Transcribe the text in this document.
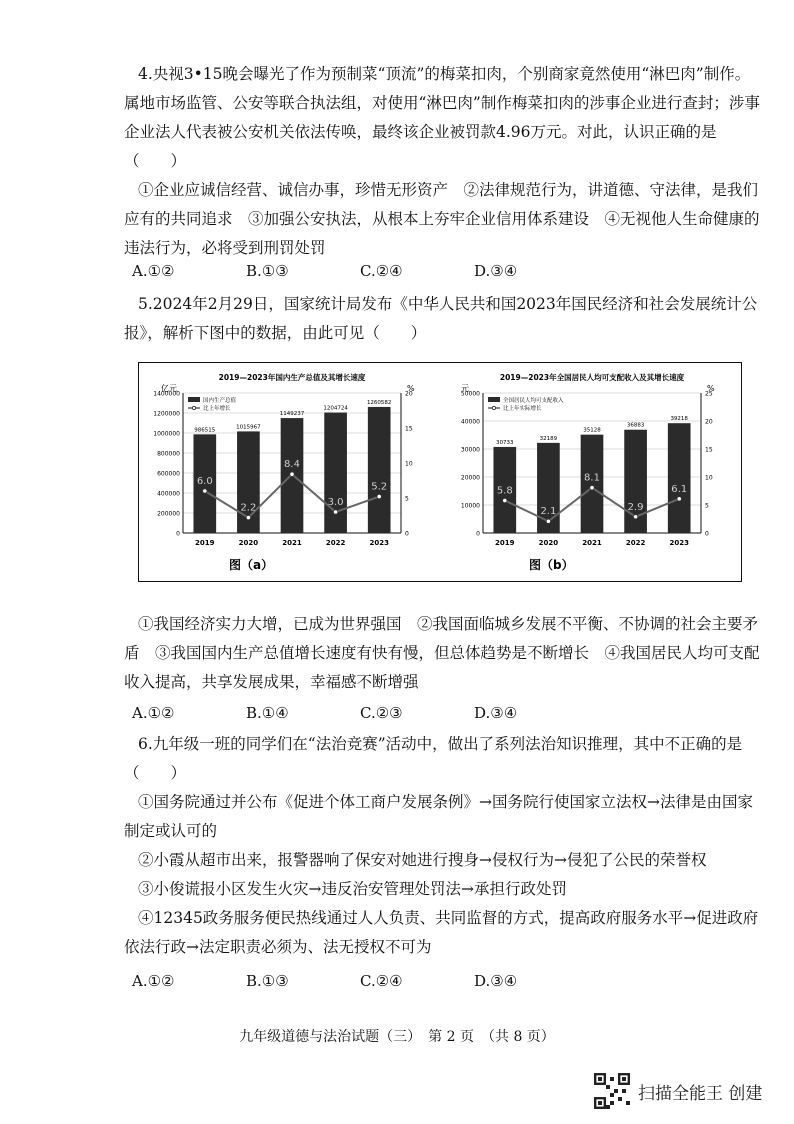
4.央视3•15晚会曝光了作为预制菜“顶流”的梅菜扣肉，个别商家竟然使用“淋巴肉”制作。属地市场监管、公安等联合执法组，对使用“淋巴肉”制作梅菜扣肉的涉事企业进行查封；涉事企业法人代表被公安机关依法传唤，最终该企业被罚款4.96万元。对此，认识正确的是（　　）
①企业应诚信经营、诚信办事，珍惜无形资产　②法律规范行为，讲道德、守法律，是我们应有的共同追求　③加强公安执法，从根本上夯牢企业信用体系建设　④无视他人生命健康的违法行为，必将受到刑罚处罚
A.①②	B.①③	C.②④	D.③④
5.2024年2月29日，国家统计局发布《中华人民共和国2023年国民经济和社会发展统计公报》，解析下图中的数据，由此可见（　　）
2019—2023年国内生产总值及其增长速度
亿元	%
0
200000
400000
600000
800000
1000000
1200000
1400000
0
5
10
15
20
986515
2019
1015967
2020
1149237
2021
1204724
2022
1260582
2023
6.0
2.2
8.4
3.0
5.2
国内生产总值
比上年增长
图（a）
2019—2023年全国居民人均可支配收入及其增长速度
元	%
0
10000
20000
30000
40000
50000
0
5
10
15
20
25
30733
2019
32189
2020
35128
2021
36883
2022
39218
2023
5.8
2.1
8.1
2.9
6.1
全国居民人均可支配收入
比上年实际增长
图（b）
①我国经济实力大增，已成为世界强国　②我国面临城乡发展不平衡、不协调的社会主要矛盾　③我国国内生产总值增长速度有快有慢，但总体趋势是不断增长　④我国居民人均可支配收入提高，共享发展成果，幸福感不断增强
A.①②	B.①④	C.②③	D.③④
6.九年级一班的同学们在“法治竞赛”活动中，做出了系列法治知识推理，其中不正确的是（　　）
①国务院通过并公布《促进个体工商户发展条例》→国务院行使国家立法权→法律是由国家制定或认可的
②小霞从超市出来，报警器响了保安对她进行搜身→侵权行为→侵犯了公民的荣誉权
③小俊谎报小区发生火灾→违反治安管理处罚法→承担行政处罚
④12345政务服务便民热线通过人人负责、共同监督的方式，提高政府服务水平→促进政府依法行政→法定职责必须为、法无授权不可为
A.①②	B.①③	C.②④	D.③④
九年级道德与法治试题（三）　第 2 页　（共 8 页）
扫描全能王 创建
